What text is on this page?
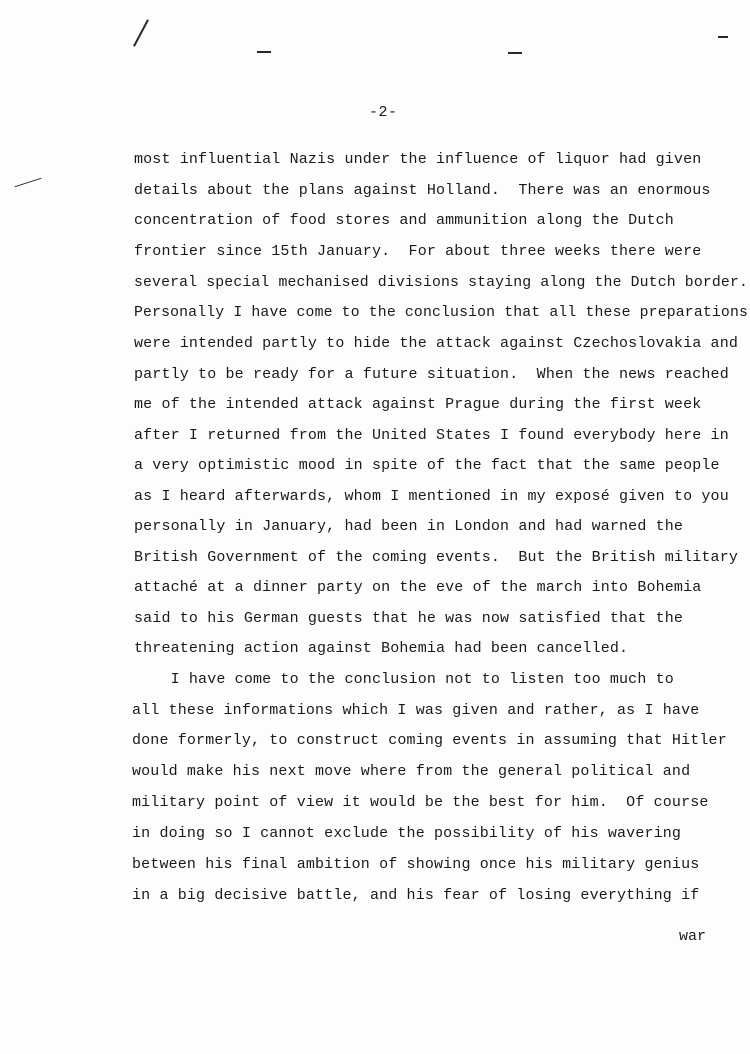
-2-
most influential Nazis under the influence of liquor had given
details about the plans against Holland.  There was an enormous
concentration of food stores and ammunition along the Dutch
frontier since 15th January.  For about three weeks there were
several special mechanised divisions staying along the Dutch border.
Personally I have come to the conclusion that all these preparations
were intended partly to hide the attack against Czechoslovakia and
partly to be ready for a future situation.  When the news reached
me of the intended attack against Prague during the first week
after I returned from the United States I found everybody here in
a very optimistic mood in spite of the fact that the same people
as I heard afterwards, whom I mentioned in my exposé given to you
personally in January, had been in London and had warned the
British Government of the coming events.  But the British military
attaché at a dinner party on the eve of the march into Bohemia
said to his German guests that he was now satisfied that the
threatening action against Bohemia had been cancelled.
I have come to the conclusion not to listen too much to
all these informations which I was given and rather, as I have
done formerly, to construct coming events in assuming that Hitler
would make his next move where from the general political and
military point of view it would be the best for him.  Of course
in doing so I cannot exclude the possibility of his wavering
between his final ambition of showing once his military genius
in a big decisive battle, and his fear of losing everything if
war
